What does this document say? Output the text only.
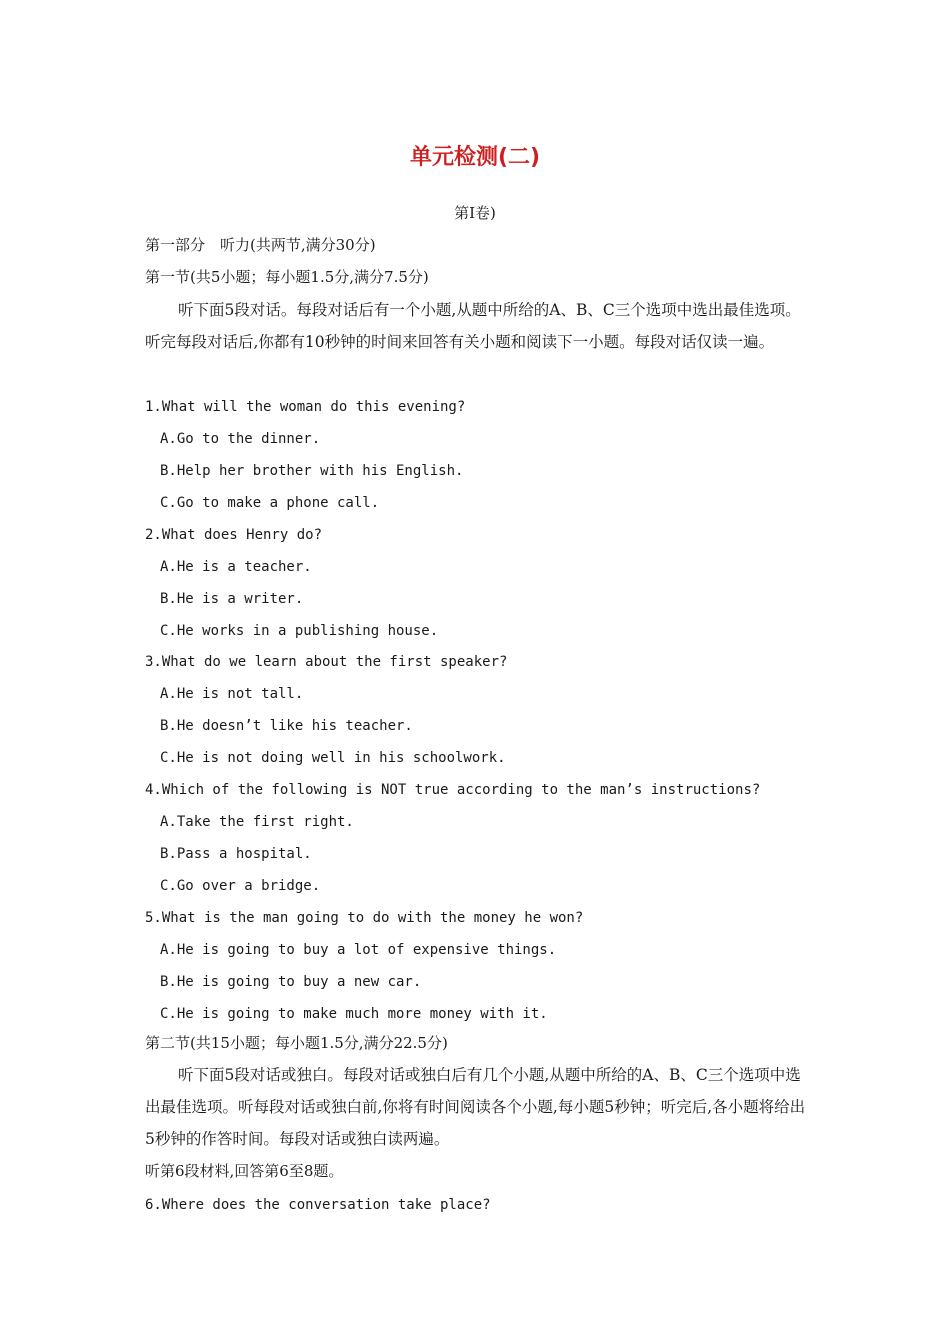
单元检测(二)
第Ⅰ卷)
第一部分　听力(共两节,满分30分)
第一节(共5小题；每小题1.5分,满分7.5分)
听下面5段对话。每段对话后有一个小题,从题中所给的A、B、C三个选项中选出最佳选项。听完每段对话后,你都有10秒钟的时间来回答有关小题和阅读下一小题。每段对话仅读一遍。
1.What will the woman do this evening?
A.Go to the dinner.
B.Help her brother with his English.
C.Go to make a phone call.
2.What does Henry do?
A.He is a teacher.
B.He is a writer.
C.He works in a publishing house.
3.What do we learn about the first speaker?
A.He is not tall.
B.He doesn’t like his teacher.
C.He is not doing well in his schoolwork.
4.Which of the following is NOT true according to the man’s instructions?
A.Take the first right.
B.Pass a hospital.
C.Go over a bridge.
5.What is the man going to do with the money he won?
A.He is going to buy a lot of expensive things.
B.He is going to buy a new car.
C.He is going to make much more money with it.
第二节(共15小题；每小题1.5分,满分22.5分)
听下面5段对话或独白。每段对话或独白后有几个小题,从题中所给的A、B、C三个选项中选出最佳选项。听每段对话或独白前,你将有时间阅读各个小题,每小题5秒钟；听完后,各小题将给出5秒钟的作答时间。每段对话或独白读两遍。
听第6段材料,回答第6至8题。
6.Where does the conversation take place?
